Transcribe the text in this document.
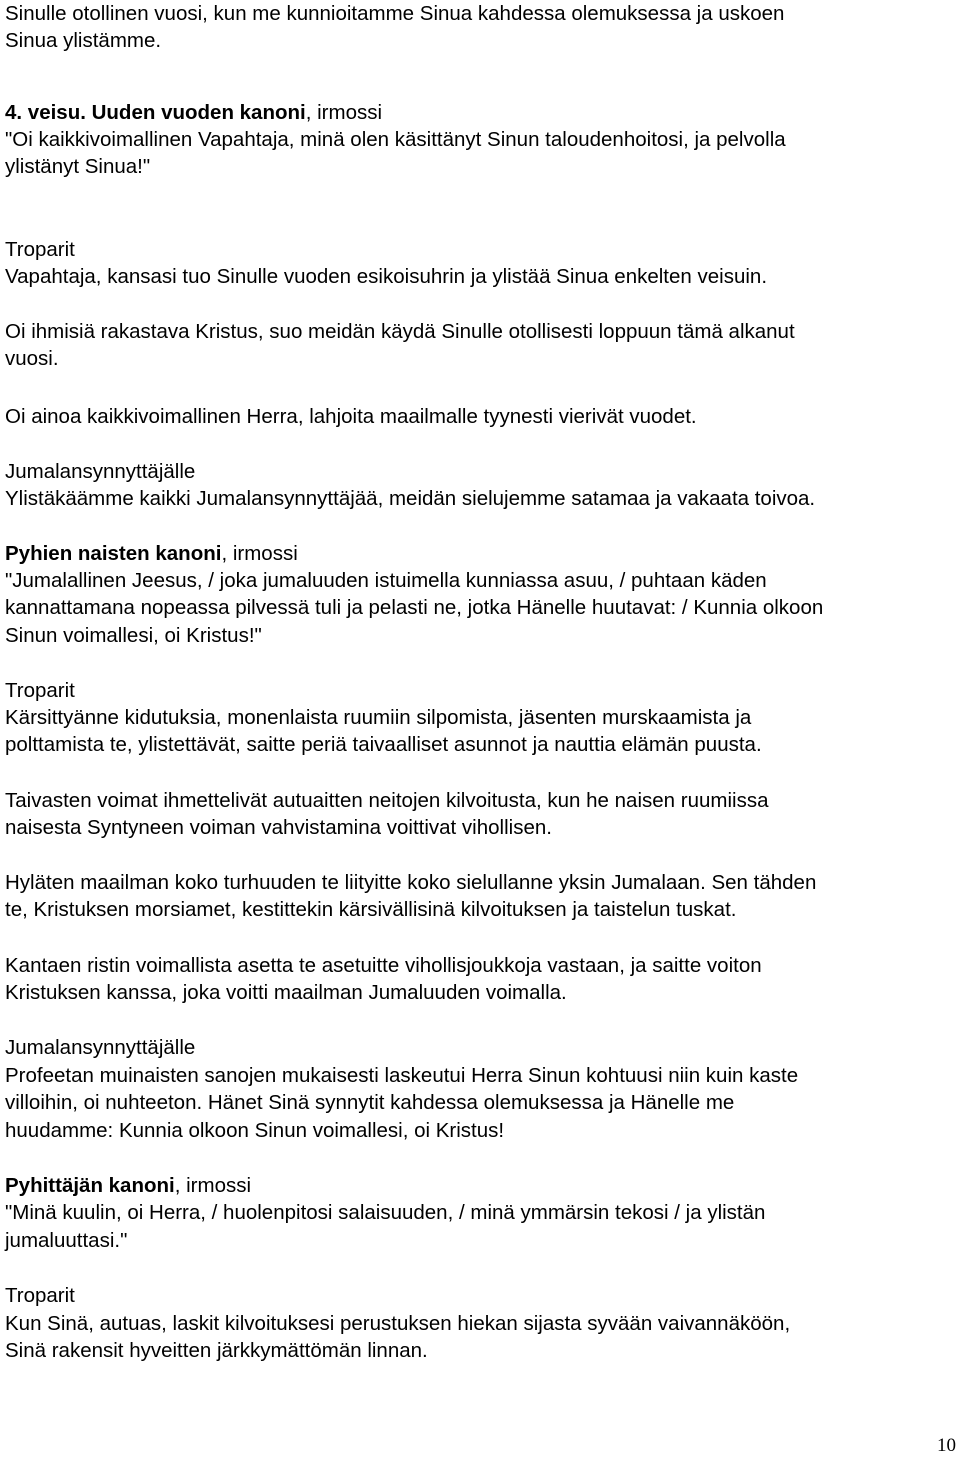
Sinulle otollinen vuosi, kun me kunnioitamme Sinua kahdessa olemuksessa ja uskoen
Sinua ylistämme.
4. veisu. Uuden vuoden kanoni, irmossi
"Oi kaikkivoimallinen Vapahtaja, minä olen käsittänyt Sinun taloudenhoitosi, ja pelvolla
ylistänyt Sinua!"
Troparit
Vapahtaja, kansasi tuo Sinulle vuoden esikoisuhrin ja ylistää Sinua enkelten veisuin.
Oi ihmisiä rakastava Kristus, suo meidän käydä Sinulle otollisesti loppuun tämä alkanut
vuosi.
Oi ainoa kaikkivoimallinen Herra, lahjoita maailmalle tyynesti vierivät vuodet.
Jumalansynnyttäjälle
Ylistäkäämme kaikki Jumalansynnyttäjää, meidän sielujemme satamaa ja vakaata toivoa.
Pyhien naisten kanoni, irmossi
"Jumalallinen Jeesus, / joka jumaluuden istuimella kunniassa asuu, / puhtaan käden
kannattamana nopeassa pilvessä tuli ja pelasti ne, jotka Hänelle huutavat: / Kunnia olkoon
Sinun voimallesi, oi Kristus!"
Troparit
Kärsittyänne kidutuksia, monenlaista ruumiin silpomista, jäsenten murskaamista ja
polttamista te, ylistettävät, saitte periä taivaalliset asunnot ja nauttia elämän puusta.
Taivasten voimat ihmettelivät autuaitten neitojen kilvoitusta, kun he naisen ruumiissa
naisesta Syntyneen voiman vahvistamina voittivat vihollisen.
Hyläten maailman koko turhuuden te liityitte koko sielullanne yksin Jumalaan. Sen tähden
te, Kristuksen morsiamet, kestittekin kärsivällisinä kilvoituksen ja taistelun tuskat.
Kantaen ristin voimallista asetta te asetuitte vihollisjoukkoja vastaan, ja saitte voiton
Kristuksen kanssa, joka voitti maailman Jumaluuden voimalla.
Jumalansynnyttäjälle
Profeetan muinaisten sanojen mukaisesti laskeutui Herra Sinun kohtuusi niin kuin kaste
villoihin, oi nuhteeton. Hänet Sinä synnytit kahdessa olemuksessa ja Hänelle me
huudamme: Kunnia olkoon Sinun voimallesi, oi Kristus!
Pyhittäjän kanoni, irmossi
"Minä kuulin, oi Herra, / huolenpitosi salaisuuden, / minä ymmärsin tekosi / ja ylistän
jumaluuttasi."
Troparit
Kun Sinä, autuas, laskit kilvoituksesi perustuksen hiekan sijasta syvään vaivannäköön,
Sinä rakensit hyveitten järkkymättömän linnan.
10
